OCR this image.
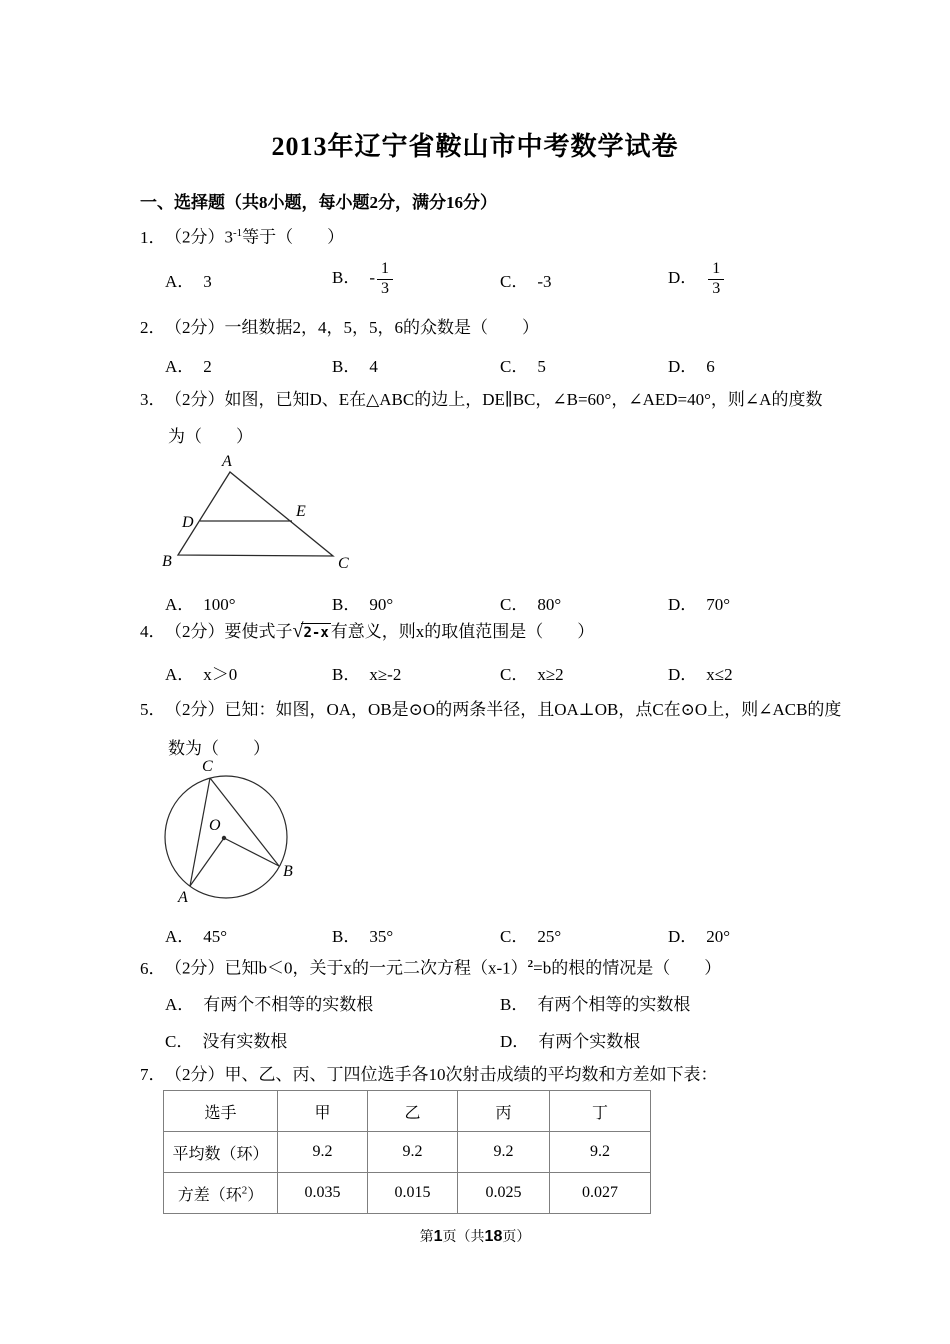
2013年辽宁省鞍山市中考数学试卷
一、选择题（共8小题，每小题2分，满分16分）
1． （2分）$3^{-1}$等于（　　）
A． 3	B． - $\frac{1}{3}$	C． -3	D． $\frac{1}{3}$
2． （2分）一组数据2，4，5，5，6的众数是（　　）
A． 2	B． 4	C． 5	D． 6
3． （2分）如图，已知D、E在△ABC的边上，DE∥BC，∠B=60°，∠AED=40°，则∠A的度数
为（　　）
A
B	C
D
E
A． 100°	B． 90°	C． 80°	D． 70°
4． （2分）要使式子√2-x 有意义，则x的取值范围是（　　）
A． x＞0	B． x≥-2	C． x≥2	D． x≤2
5． （2分）已知：如图，OA，OB是⊙O的两条半径，且OA⊥OB，点C在⊙O上，则∠ACB的度
数为（　　）
C
O
A
B
A． 45°	B． 35°	C． 25°	D． 20°
6． （2分）已知b＜0，关于x的一元二次方程$(x-1)^2=b$的根的情况是（　　）
A． 有两个不相等的实数根	B． 有两个相等的实数根
C． 没有实数根	D． 有两个实数根
7． （2分）甲、乙、丙、丁四位选手各10次射击成绩的平均数和方差如下表：
选手	甲	乙	丙	丁
平均数（环）	9.2	9.2	9.2	9.2
方差（环$^2$）	0.035	0.015	0.025	0.027
第1页（共18页）
